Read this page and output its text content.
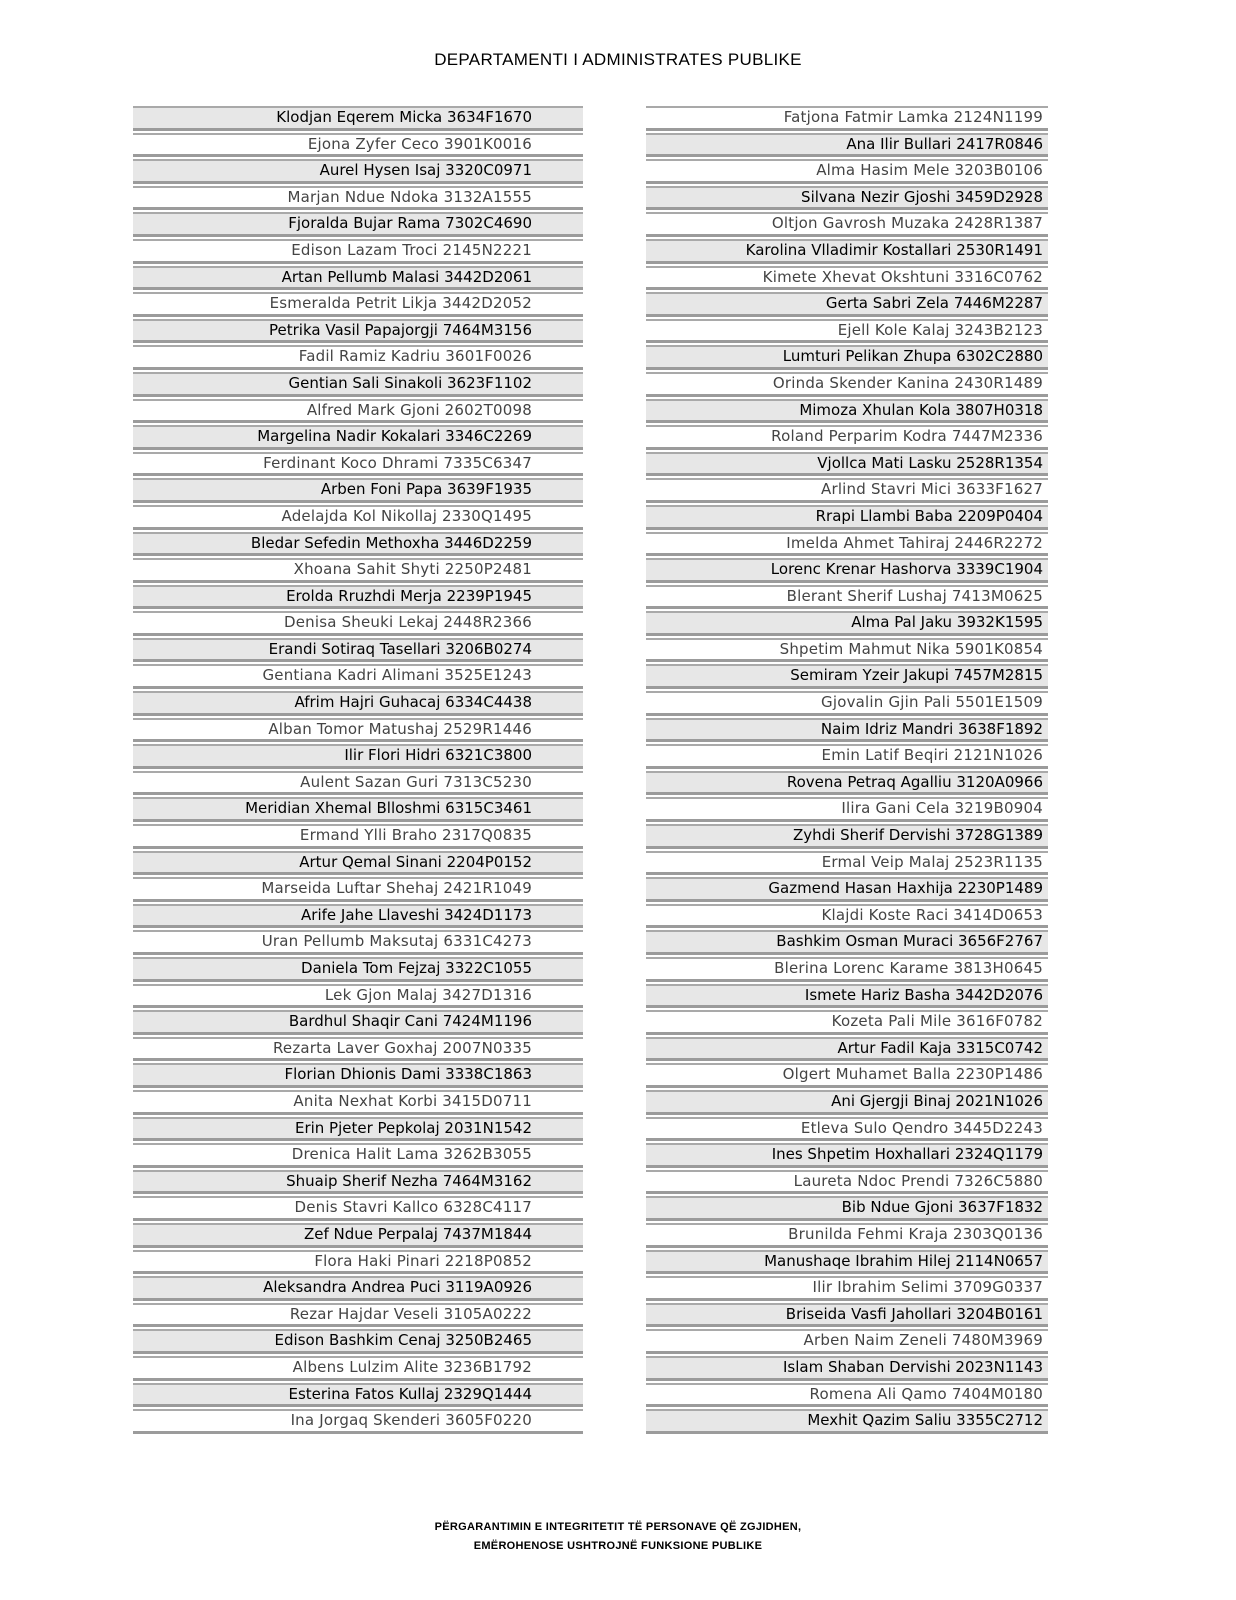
DEPARTAMENTI I ADMINISTRATES PUBLIKE
Klodjan Eqerem Micka 3634F1670
Ejona Zyfer Ceco 3901K0016
Aurel Hysen Isaj 3320C0971
Marjan Ndue Ndoka 3132A1555
Fjoralda Bujar Rama 7302C4690
Edison Lazam Troci 2145N2221
Artan Pellumb Malasi 3442D2061
Esmeralda Petrit Likja 3442D2052
Petrika Vasil Papajorgji 7464M3156
Fadil Ramiz Kadriu 3601F0026
Gentian Sali Sinakoli 3623F1102
Alfred Mark Gjoni 2602T0098
Margelina Nadir Kokalari 3346C2269
Ferdinant Koco Dhrami 7335C6347
Arben Foni Papa 3639F1935
Adelajda Kol Nikollaj 2330Q1495
Bledar Sefedin Methoxha 3446D2259
Xhoana Sahit Shyti 2250P2481
Erolda Rruzhdi Merja 2239P1945
Denisa Sheuki Lekaj 2448R2366
Erandi Sotiraq Tasellari 3206B0274
Gentiana Kadri Alimani 3525E1243
Afrim Hajri Guhacaj 6334C4438
Alban Tomor Matushaj 2529R1446
Ilir Flori Hidri 6321C3800
Aulent Sazan Guri 7313C5230
Meridian Xhemal Blloshmi 6315C3461
Ermand Ylli Braho 2317Q0835
Artur Qemal Sinani 2204P0152
Marseida Luftar Shehaj 2421R1049
Arife Jahe Llaveshi 3424D1173
Uran Pellumb Maksutaj 6331C4273
Daniela Tom Fejzaj 3322C1055
Lek Gjon Malaj 3427D1316
Bardhul Shaqir Cani 7424M1196
Rezarta Laver Goxhaj 2007N0335
Florian Dhionis Dami 3338C1863
Anita Nexhat Korbi 3415D0711
Erin Pjeter Pepkolaj 2031N1542
Drenica Halit Lama 3262B3055
Shuaip Sherif Nezha 7464M3162
Denis Stavri Kallco 6328C4117
Zef Ndue Perpalaj 7437M1844
Flora Haki Pinari 2218P0852
Aleksandra Andrea Puci 3119A0926
Rezar Hajdar Veseli 3105A0222
Edison Bashkim Cenaj 3250B2465
Albens Lulzim Alite 3236B1792
Esterina Fatos Kullaj 2329Q1444
Ina Jorgaq Skenderi 3605F0220
Fatjona Fatmir Lamka 2124N1199
Ana Ilir Bullari 2417R0846
Alma Hasim Mele 3203B0106
Silvana Nezir Gjoshi 3459D2928
Oltjon Gavrosh Muzaka 2428R1387
Karolina Vlladimir Kostallari 2530R1491
Kimete Xhevat Okshtuni 3316C0762
Gerta Sabri Zela 7446M2287
Ejell Kole Kalaj 3243B2123
Lumturi Pelikan Zhupa 6302C2880
Orinda Skender Kanina 2430R1489
Mimoza Xhulan Kola 3807H0318
Roland Perparim Kodra 7447M2336
Vjollca Mati Lasku 2528R1354
Arlind Stavri Mici 3633F1627
Rrapi Llambi Baba 2209P0404
Imelda Ahmet Tahiraj 2446R2272
Lorenc Krenar Hashorva 3339C1904
Blerant Sherif Lushaj 7413M0625
Alma Pal Jaku 3932K1595
Shpetim Mahmut Nika 5901K0854
Semiram Yzeir Jakupi 7457M2815
Gjovalin Gjin Pali 5501E1509
Naim Idriz Mandri 3638F1892
Emin Latif Beqiri 2121N1026
Rovena Petraq Agalliu 3120A0966
Ilira Gani Cela 3219B0904
Zyhdi Sherif Dervishi 3728G1389
Ermal Veip Malaj 2523R1135
Gazmend Hasan Haxhija 2230P1489
Klajdi Koste Raci 3414D0653
Bashkim Osman Muraci 3656F2767
Blerina Lorenc Karame 3813H0645
Ismete Hariz Basha 3442D2076
Kozeta Pali Mile 3616F0782
Artur Fadil Kaja 3315C0742
Olgert Muhamet Balla 2230P1486
Ani Gjergji Binaj 2021N1026
Etleva Sulo Qendro 3445D2243
Ines Shpetim Hoxhallari 2324Q1179
Laureta Ndoc Prendi 7326C5880
Bib Ndue Gjoni 3637F1832
Brunilda Fehmi Kraja 2303Q0136
Manushaqe Ibrahim Hilej 2114N0657
Ilir Ibrahim Selimi 3709G0337
Briseida Vasfi Jahollari 3204B0161
Arben Naim Zeneli 7480M3969
Islam Shaban Dervishi 2023N1143
Romena Ali Qamo 7404M0180
Mexhit Qazim Saliu 3355C2712
PËRGARANTIMIN E INTEGRITETIT TË PERSONAVE QË ZGJIDHEN,
EMËROHENOSE USHTROJNË FUNKSIONE PUBLIKE
